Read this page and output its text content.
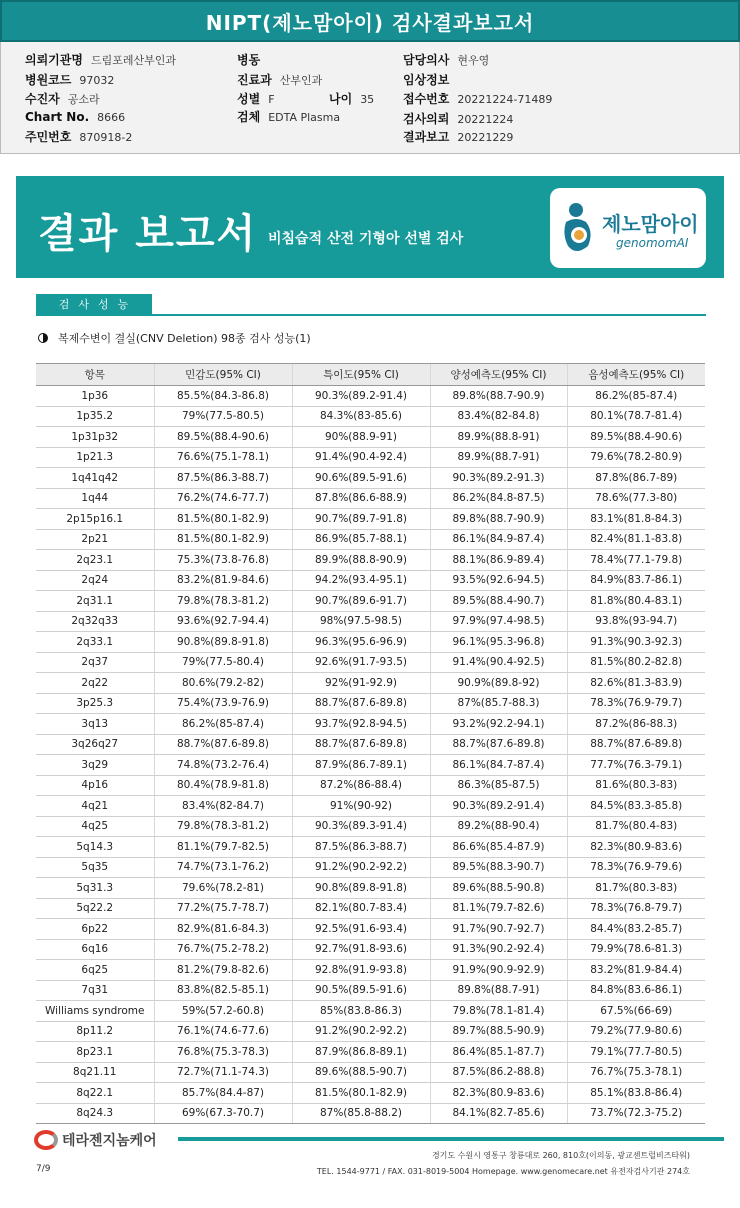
NIPT(제노맘아이) 검사결과보고서
의뢰기관명 드림포레산부인과
병원코드 97032
수진자 공소라
Chart No. 8666
주민번호 870918-2
병동
진료과 산부인과
성별 F	나이 35
검체 EDTA Plasma
담당의사 현우영
임상정보
접수번호 20221224-71489
검사의뢰 20221224
결과보고 20221229
결과 보고서 비침습적 산전 기형아 선별 검사
제노맘아이
genomomAI
검사성능
복제수변이 결실(CNV Deletion) 98종 검사 성능(1)
항목	민감도(95% CI)	특이도(95% CI)	양성예측도(95% CI)	음성예측도(95% CI)
1p36	85.5%(84.3-86.8)	90.3%(89.2-91.4)	89.8%(88.7-90.9)	86.2%(85-87.4)
1p35.2	79%(77.5-80.5)	84.3%(83-85.6)	83.4%(82-84.8)	80.1%(78.7-81.4)
1p31p32	89.5%(88.4-90.6)	90%(88.9-91)	89.9%(88.8-91)	89.5%(88.4-90.6)
1p21.3	76.6%(75.1-78.1)	91.4%(90.4-92.4)	89.9%(88.7-91)	79.6%(78.2-80.9)
1q41q42	87.5%(86.3-88.7)	90.6%(89.5-91.6)	90.3%(89.2-91.3)	87.8%(86.7-89)
1q44	76.2%(74.6-77.7)	87.8%(86.6-88.9)	86.2%(84.8-87.5)	78.6%(77.3-80)
2p15p16.1	81.5%(80.1-82.9)	90.7%(89.7-91.8)	89.8%(88.7-90.9)	83.1%(81.8-84.3)
2p21	81.5%(80.1-82.9)	86.9%(85.7-88.1)	86.1%(84.9-87.4)	82.4%(81.1-83.8)
2q23.1	75.3%(73.8-76.8)	89.9%(88.8-90.9)	88.1%(86.9-89.4)	78.4%(77.1-79.8)
2q24	83.2%(81.9-84.6)	94.2%(93.4-95.1)	93.5%(92.6-94.5)	84.9%(83.7-86.1)
2q31.1	79.8%(78.3-81.2)	90.7%(89.6-91.7)	89.5%(88.4-90.7)	81.8%(80.4-83.1)
2q32q33	93.6%(92.7-94.4)	98%(97.5-98.5)	97.9%(97.4-98.5)	93.8%(93-94.7)
2q33.1	90.8%(89.8-91.8)	96.3%(95.6-96.9)	96.1%(95.3-96.8)	91.3%(90.3-92.3)
2q37	79%(77.5-80.4)	92.6%(91.7-93.5)	91.4%(90.4-92.5)	81.5%(80.2-82.8)
2q22	80.6%(79.2-82)	92%(91-92.9)	90.9%(89.8-92)	82.6%(81.3-83.9)
3p25.3	75.4%(73.9-76.9)	88.7%(87.6-89.8)	87%(85.7-88.3)	78.3%(76.9-79.7)
3q13	86.2%(85-87.4)	93.7%(92.8-94.5)	93.2%(92.2-94.1)	87.2%(86-88.3)
3q26q27	88.7%(87.6-89.8)	88.7%(87.6-89.8)	88.7%(87.6-89.8)	88.7%(87.6-89.8)
3q29	74.8%(73.2-76.4)	87.9%(86.7-89.1)	86.1%(84.7-87.4)	77.7%(76.3-79.1)
4p16	80.4%(78.9-81.8)	87.2%(86-88.4)	86.3%(85-87.5)	81.6%(80.3-83)
4q21	83.4%(82-84.7)	91%(90-92)	90.3%(89.2-91.4)	84.5%(83.3-85.8)
4q25	79.8%(78.3-81.2)	90.3%(89.3-91.4)	89.2%(88-90.4)	81.7%(80.4-83)
5q14.3	81.1%(79.7-82.5)	87.5%(86.3-88.7)	86.6%(85.4-87.9)	82.3%(80.9-83.6)
5q35	74.7%(73.1-76.2)	91.2%(90.2-92.2)	89.5%(88.3-90.7)	78.3%(76.9-79.6)
5q31.3	79.6%(78.2-81)	90.8%(89.8-91.8)	89.6%(88.5-90.8)	81.7%(80.3-83)
5q22.2	77.2%(75.7-78.7)	82.1%(80.7-83.4)	81.1%(79.7-82.6)	78.3%(76.8-79.7)
6p22	82.9%(81.6-84.3)	92.5%(91.6-93.4)	91.7%(90.7-92.7)	84.4%(83.2-85.7)
6q16	76.7%(75.2-78.2)	92.7%(91.8-93.6)	91.3%(90.2-92.4)	79.9%(78.6-81.3)
6q25	81.2%(79.8-82.6)	92.8%(91.9-93.8)	91.9%(90.9-92.9)	83.2%(81.9-84.4)
7q31	83.8%(82.5-85.1)	90.5%(89.5-91.6)	89.8%(88.7-91)	84.8%(83.6-86.1)
Williams syndrome	59%(57.2-60.8)	85%(83.8-86.3)	79.8%(78.1-81.4)	67.5%(66-69)
8p11.2	76.1%(74.6-77.6)	91.2%(90.2-92.2)	89.7%(88.5-90.9)	79.2%(77.9-80.6)
8p23.1	76.8%(75.3-78.3)	87.9%(86.8-89.1)	86.4%(85.1-87.7)	79.1%(77.7-80.5)
8q21.11	72.7%(71.1-74.3)	89.6%(88.5-90.7)	87.5%(86.2-88.8)	76.7%(75.3-78.1)
8q22.1	85.7%(84.4-87)	81.5%(80.1-82.9)	82.3%(80.9-83.6)	85.1%(83.8-86.4)
8q24.3	69%(67.3-70.7)	87%(85.8-88.2)	84.1%(82.7-85.6)	73.7%(72.3-75.2)
테라젠지놈케어
경기도 수원시 영통구 창룡대로 260, 810호(이의동, 광교센트럴비즈타워)
TEL. 1544-9771 / FAX. 031-8019-5004 Homepage. www.genomecare.net 유전자검사기관 274호
7/9
